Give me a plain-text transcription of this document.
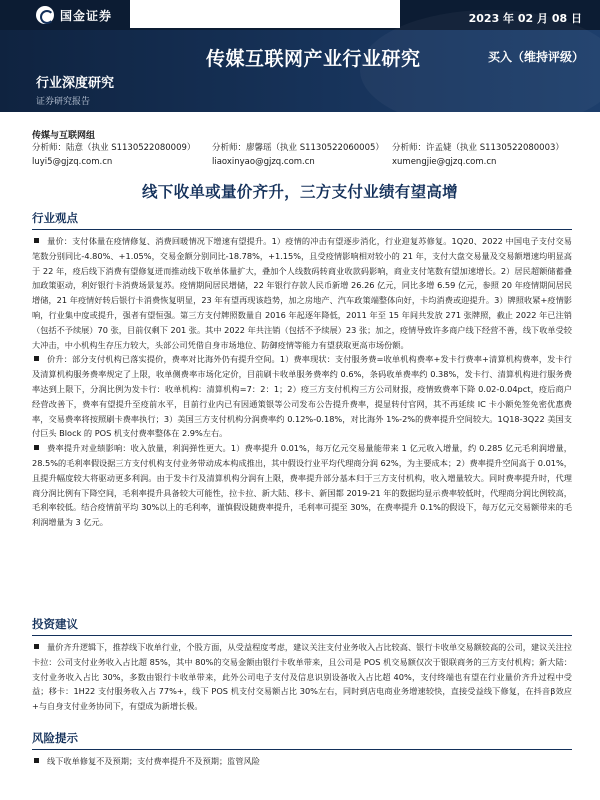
国金证券	2023 年 02 月 08 日
传媒互联网产业行业研究	买入（维持评级）
行业深度研究
证券研究报告
传媒与互联网组
分析师：陆意（执业 S1130522080009）
luyi5@gjzq.com.cn
分析师：廖馨瑶（执业 S1130522060005）
liaoxinyao@gjzq.com.cn
分析师：许孟婕（执业 S1130522080003）
xumengjie@gjzq.com.cn
线下收单或量价齐升，三方支付业绩有望高增
行业观点

量价：支付体量在疫情修复、消费回暖情况下增速有望提升。1）疫情的冲击有望逐步消化，行业迎复苏修复。1Q20、2022 中国电子支付交易笔数分别同比-4.80%、+1.05%，交易金额分别同比-18.78%，+1.15%，且受疫情影响相对较小的 21 年，支付大盘交易量及交易额增速均明显高于 22 年，疫后线下消费有望修复迸而推动线下收单体量扩大，叠加个人线数码转商业收款码影响，商业支付笔数有望加速增长。2）居民超额储蓄叠加政策驱动，利好银行卡消费场景复苏。疫情期间居民增储，22 年银行存款人民币新增 26.26 亿元，同比多增 6.59 亿元，参照 20 年疫情期间居民增储，21 年疫情好转后银行卡消费恢复明显，23 年有望再现该趋势，加之房地产、汽车政策端整体向好，卡均消费或迎提升。3）牌照收紧+疫情影响，行业集中度或提升，强者有望恒强。第三方支付牌照数量自 2016 年起逐年降低，2011 年至 15 年间共发放 271 张牌照，截止 2022 年已注销（包括不予续展）70 张，目前仅剩下 201 张。其中 2022 年共注销（包括不予续展）23 张；加之，疫情导致许多商户线下经营不善，线下收单受较大冲击，中小机构生存压力较大，头部公司凭借自身市场地位、防御疫情等能力有望获取更高市场份额。

价升：部分支付机构已落实提价，费率对比海外仍有提升空间。1）费率现状：支付服务费=收单机构费率+发卡行费率+清算机构费率，发卡行及清算机构服务费率规定了上限，收单侧费率市场化定价，目前刷卡收单服务费率约 0.6%，条码收单费率约 0.38%，发卡行、清算机构进行服务费率达到上限下，分润比例为发卡行：收单机构：清算机构=7：2：1；2）疫三方支付机构三方公司财报，疫情致费率下降 0.02-0.04pct，疫后商户经营改善下，费率有望提升至疫前水平，目前行业内已有因通策银等公司发布公告提升费率，提显转付官网，其不再延续 IC 卡小额免签免密优惠费率，交易费率将按照刷卡费率执行；3）美国三方支付机构分润费率约 0.12%-0.18%，对比海外 1%-2%的费率提升空间较大。1Q18-3Q22 美国支付巨头 Block 的 POS 机支付费率整体在 2.9%左右。

费率提升对业绩影响：收入放量，利润弹性更大。1）费率提升 0.01%，每万亿元交易量能带来 1 亿元收入增量，约 0.285 亿元毛利润增量，28.5%的毛利率假设据三方支付机构支付业务带动成本构成推出，其中假设行业平均代理商分润 62%，为主要成本；2）费率提升空间高于 0.01%，且提升幅度较大将驱动更多利润。由于发卡行及清算机构分润有上限，费率提升部分基本归于三方支付机构，收入增量较大。同时费率提升时，代理商分润比例有下降空间，毛利率提升具备较大可能性，拉卡拉、新大陆、移卡、新国都 2019-21 年的数据均显示费率较低时，代理商分润比例较高，毛利率较低。结合疫情前平均 30%以上的毛利率，谨慎假设随费率提升，毛利率可提至 30%，在费率提升 0.1%的假设下，每万亿元交易额带来的毛利润增量为 3 亿元。

投资建议

量价齐升逻辑下，推荐线下收单行业，个股方面，从受益程度考虑，建议关注支付业务收入占比较高、银行卡收单交易额较高的公司，建议关注拉卡拉：公司支付业务收入占比超 85%，其中 80%的交易金额由银行卡收单带来，且公司是 POS 机交易额仅次于银联商务的三方支付机构；新大陆：支付业务收入占比 30%，多数由银行卡收单带来，此外公司电子支付及信息识别设备收入占比超 40%，支付终端也有望在行业量价齐升过程中受益；移卡：1H22 支付服务收入占 77%+，线下 POS 机支付交易额占比 30%左右，同时到店电商业务增速较快，直接受益线下修复，在抖音β效应+与自身支付业务协同下，有望成为新增长极。

风险提示

线下收单修复不及预期；支付费率提升不及预期；监管风险
